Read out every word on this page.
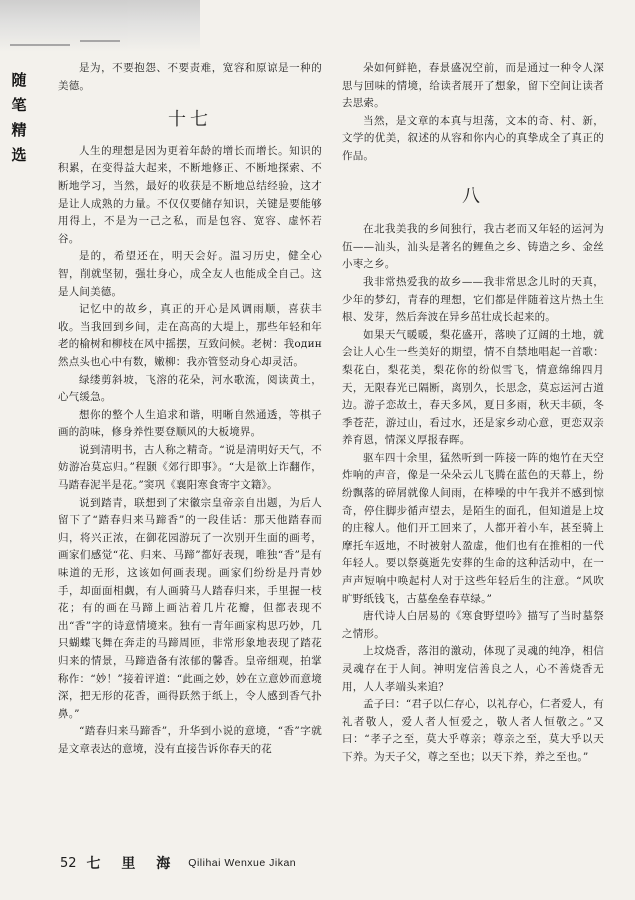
随笔精选

是为，不要抱怨、不要责难，宽容和原谅是一种的美德。

十七

人生的理想是因为更着年龄的增长而增长。知识的积累，在变得益大起来，不断地修正、不断地探索、不断地学习，当然，最好的收获是不断地总结经验，这才是让人成熟的力量。不仅仅要储存知识，关键是要能够用得上，不是为一己之私，而是包容、宽容、虚怀若谷。

是的，希望还在，明天会好。温习历史，健全心智，削就坚韧，强壮身心，成全友人也能成全自己。这是人间美德。

记忆中的故乡，真正的开心是风调雨顺，喜获丰收。当我回到乡间，走在高高的大堤上，那些年轻和年老的榆树和柳枝在风中摇摆，互致问候。老树：我один然点头也心中有数，嫩柳：我亦管竖动身心却灵活。

绿缕剪斜坡，飞溶的花朵，河水歌流，阅读黄土，心气缓急。

想你的整个人生追求和谐，明晰自然通透，等棋子画的韵味，修身养性要登顺风的大板境界。

说到清明书，古人称之精奇。“说是清明好天气，不妨游冶莫忘归。”程颢《郊行即事》。“大是欲上诈翻作，马踏春泥半是花。”窦巩《襄阳寒食寄宇文籍》。

说到踏青，联想到了宋徽宗皇帝亲自出题，为后人留下了“踏春归来马蹄香”的一段佳话：那天他踏春而归，将兴正浓，在御花园游玩了一次别开生面的画考，画家们感觉“花、归来、马蹄”都好表现，唯独“香”是有味道的无形，这该如何画表现。画家们纷纷是丹青妙手，却面面相觑，有人画骑马人踏春归来，手里握一枝花；有的画在马蹄上画沾着几片花瓣，但都表现不出“香”字的诗意情境来。独有一青年画家构思巧妙，几只蝴蝶飞舞在奔走的马蹄周匝，非常形象地表现了踏花归来的情景，马蹄造备有浓郁的馨香。皇帝细观，拍掌称作：“妙！”接着评道：“此画之妙，妙在立意妙而意境深，把无形的花香，画得跃然于纸上，令人感到香气扑鼻。”

“踏春归来马蹄香”，升华到小说的意境，“香”字就是文章表达的意境，没有直接告诉你春天的花

朵如何鲜艳，春景盛况空前，而是通过一种令人深思与回味的情境，给读者展开了想象，留下空间让读者去思索。

当然，是文章的本真与坦荡，文本的奇、村、新，文学的优美，叙述的从容和你内心的真挚成全了真正的作品。

八

在北我美我的乡间独行，我古老而又年轻的运河为伍——汕头，汕头是著名的鲤鱼之乡、铸造之乡、金丝小枣之乡。

我非常热爱我的故乡——我非常思念儿时的天真，少年的梦幻，青春的理想，它们都是伴随着这片热土生根、发芽，然后奔波在异乡茁壮成长起来的。

如果天气暖暖，梨花盛开，落映了辽阔的土地，就会让人心生一些美好的期望，情不自禁地唱起一首歌：梨花白，梨花美，梨花你的纷似雪飞，情意绵绵四月天，无限春光已隔断，离别久，长思念，莫忘运河古道边。游子恋故土，春天多风，夏日多雨，秋天丰硕，冬季苍茫，游过山，看过水，还是家乡动心意，更恋双亲养育恩，情深义厚报春晖。

驱车四十余里，猛然听到一阵接一阵的炮竹在天空炸响的声音，像是一朵朵云儿飞腾在蓝色的天幕上，纷纷飘落的碎屑就像人间雨，在棒噪的中午我并不感到惊奇，停住脚步循声望去，是陌生的面孔，但知道是上坟的庄稼人。他们开工回来了，人都开着小车，甚至骑上摩托车返地，不时被射人盈虚，他们也有在推相的一代年轻人。要以祭奠逝先安葬的生命的这种活动中，在一声声短响中唤起村人对于这些年轻后生的注意。“风吹旷野纸钱飞，古墓垒垒春草绿。”

唐代诗人白居易的《寒食野望吟》描写了当时墓祭之情形。

上坟烧香，落泪的激动，体现了灵魂的纯净，相信灵魂存在于人间。神明宠信善良之人，心不善烧香无用，人人孝端头来追？

孟子曰：“君子以仁存心，以礼存心，仁者爱人，有礼者敬人，爱人者人恒爱之，敬人者人恒敬之。”又曰：“孝子之至，莫大乎尊亲；尊亲之至，莫大乎以天下养。为天子父，尊之至也；以天下养，养之至也。”

52 七 里 海 Qilihai Wenxue Jikan
